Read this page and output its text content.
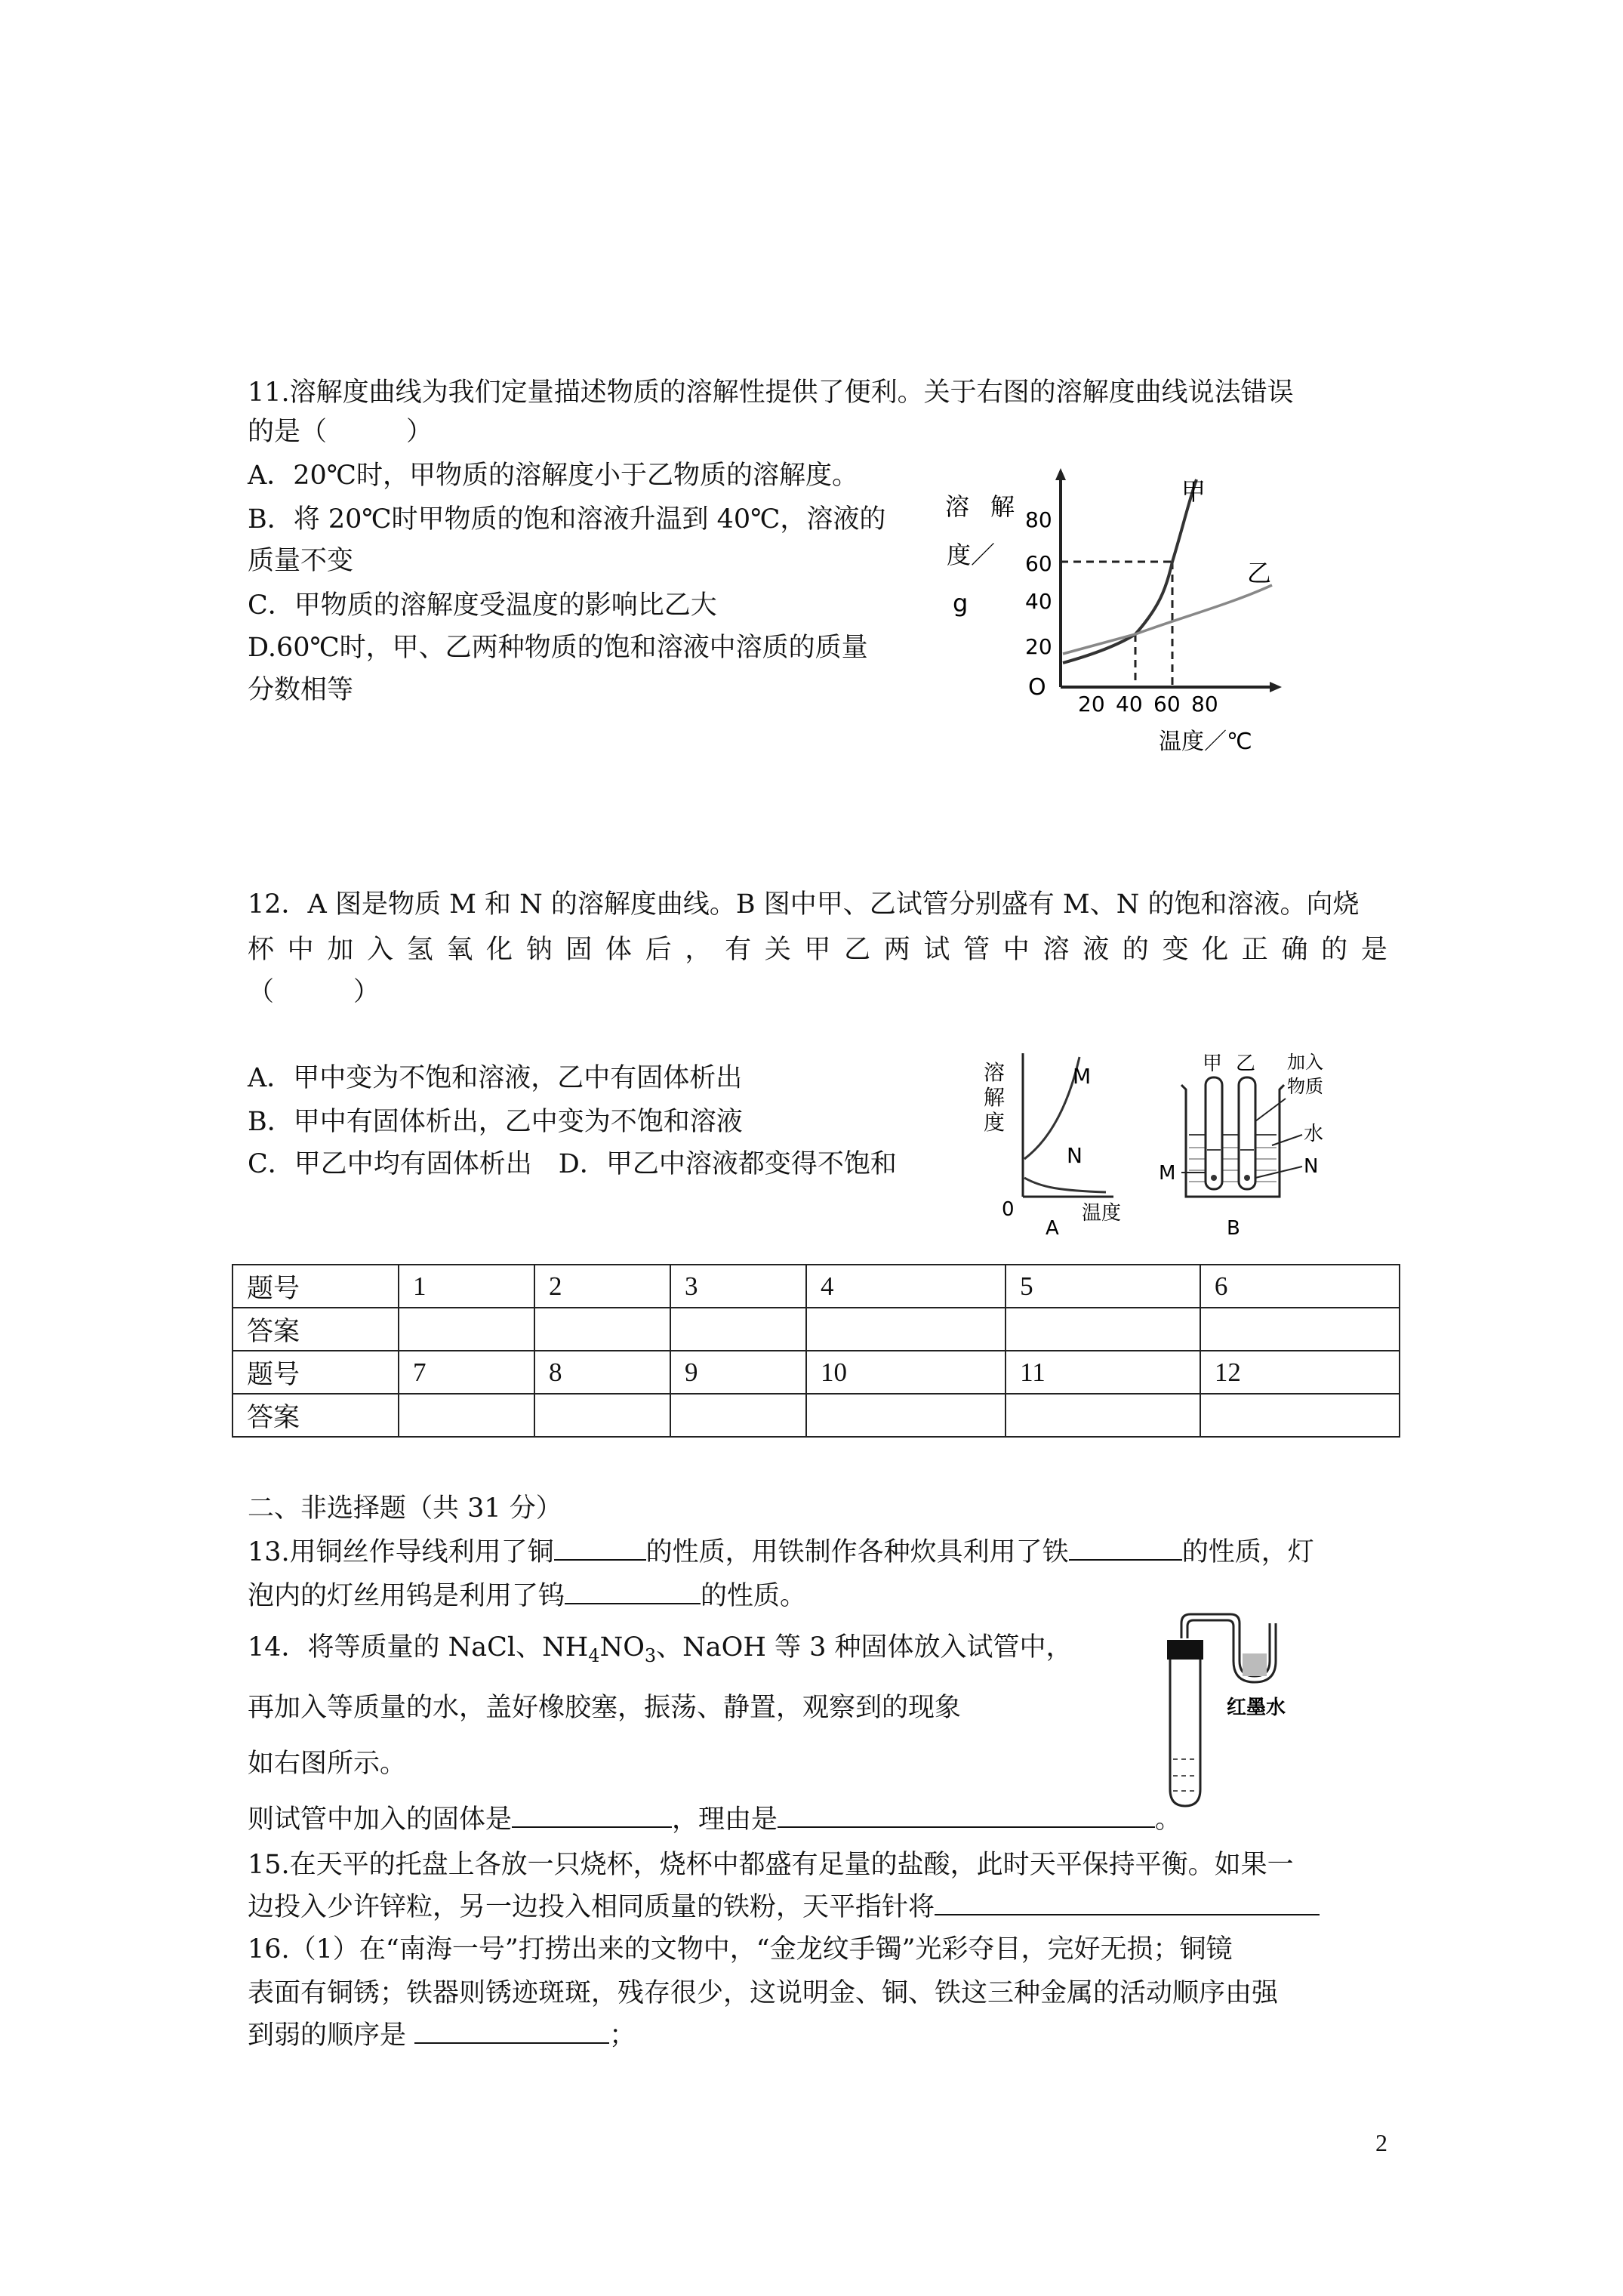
11.溶解度曲线为我们定量描述物质的溶解性提供了便利。关于右图的溶解度曲线说法错误
的是（　　　）
A．20℃时，甲物质的溶解度小于乙物质的溶解度。
B．将 20℃时甲物质的饱和溶液升温到 40℃，溶液的
质量不变
C．甲物质的溶解度受温度的影响比乙大
D.60℃时，甲、乙两种物质的饱和溶液中溶质的质量
分数相等
溶 解
度／
g
80
60
40
20
O
20 40 60 80
温度／℃
甲
乙
12．A 图是物质 M 和 N 的溶解度曲线。B 图中甲、乙试管分别盛有 M、N 的饱和溶液。向烧
杯 中 加 入 氢 氧 化 钠 固 体 后 ， 有 关 甲 乙 两 试 管 中 溶 液 的 变 化 正 确 的 是
（　　　）
A．甲中变为不饱和溶液，乙中有固体析出
B．甲中有固体析出，乙中变为不饱和溶液
C．甲乙中均有固体析出　D．甲乙中溶液都变得不饱和
溶
解
度
M
N
0	温度
A
甲 乙 加入
物质
水
N
M
B
题号	1	2	3	4	5	6
答案						
题号	7	8	9	10	11	12
答案						
二、非选择题（共 31 分）
13.用铜丝作导线利用了铜	的性质，用铁制作各种炊具利用了铁	的性质，灯
泡内的灯丝用钨是利用了钨	的性质。
14．将等质量的 NaCl、$NH_4NO_3$、NaOH 等 3 种固体放入试管中，
再加入等质量的水，盖好橡胶塞，振荡、静置，观察到的现象
如右图所示。
则试管中加入的固体是	，理由是	。
红墨水
15.在天平的托盘上各放一只烧杯，烧杯中都盛有足量的盐酸，此时天平保持平衡。如果一
边投入少许锌粒，另一边投入相同质量的铁粉，天平指针将
16.（1）在“南海一号”打捞出来的文物中，“金龙纹手镯”光彩夺目，完好无损；铜镜
表面有铜锈；铁器则锈迹斑斑，残存很少，这说明金、铜、铁这三种金属的活动顺序由强
到弱的顺序是	；
2
